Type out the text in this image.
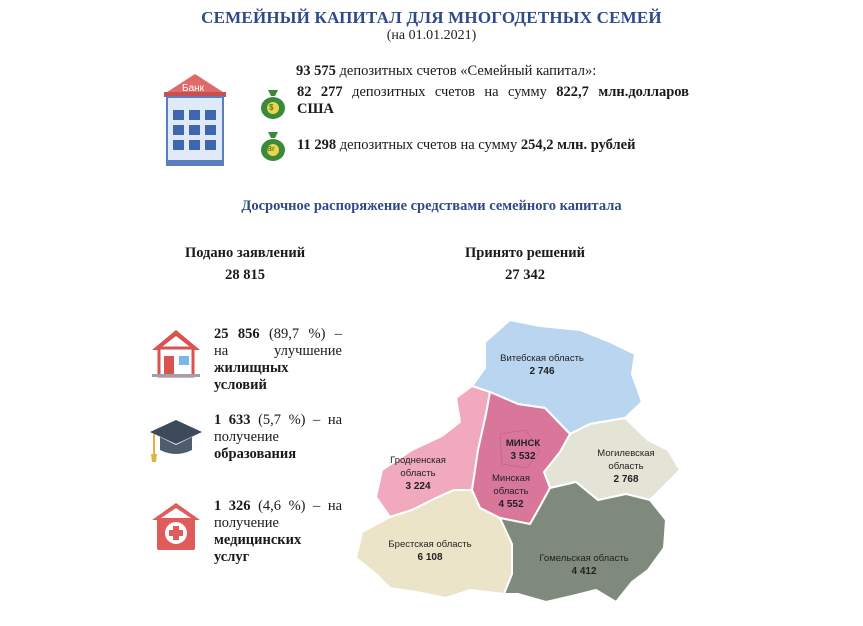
СЕМЕЙНЫЙ КАПИТАЛ ДЛЯ МНОГОДЕТНЫХ СЕМЕЙ
(на 01.01.2021)
Банк
93 575 депозитных счетов «Семейный капитал»:
$
82 277 депозитных счетов на сумму 822,7 млн.долларов
США
Br 11 298 депозитных счетов на сумму 254,2 млн. рублей
Досрочное распоряжение средствами семейного капитала
Подано заявлений
28 815
Принято решений
27 342
25 856 (89,7 %) –
на	улучшение
жилищных
условий
1 633 (5,7 %) – на
получение
образования
1 326 (4,6 %) – на
получение
медицинских
услуг
Витебская область
2 746
МИНСК
3 532	Могилевская область
2 768
Гродненская область
3 224
Минская область
4 552
Брестская область
6 108	Гомельская область
4 412
